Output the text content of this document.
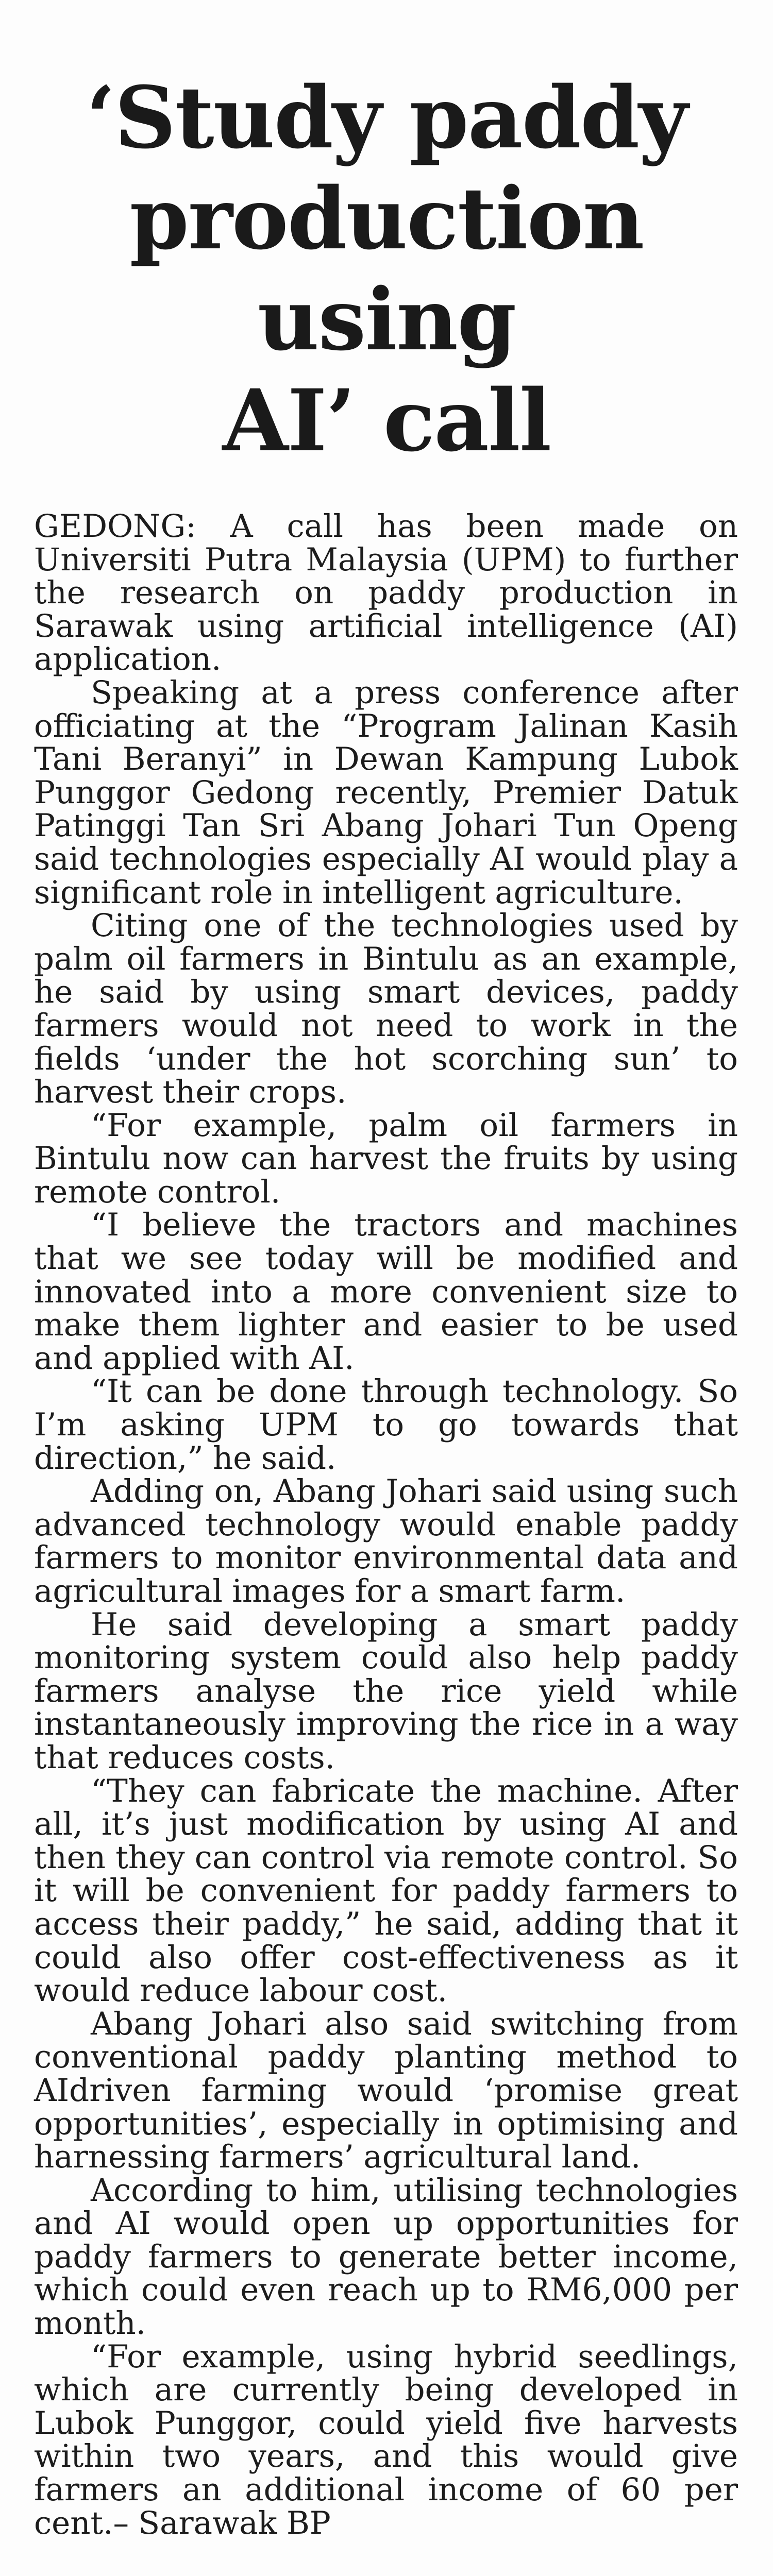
‘Study paddy
production
using
AI’ call

GEDONG: A call has been made on Universiti Putra Malaysia (UPM) to further the research on paddy production in Sarawak using artificial intelligence (AI) application.

Speaking at a press conference after officiating at the “Program Jalinan Kasih Tani Beranyi” in Dewan Kampung Lubok Punggor Gedong recently, Premier Datuk Patinggi Tan Sri Abang Johari Tun Openg said technologies especially AI would play a significant role in intelligent agriculture.

Citing one of the technologies used by palm oil farmers in Bintulu as an example, he said by using smart devices, paddy farmers would not need to work in the fields ‘under the hot scorching sun’ to harvest their crops.

“For example, palm oil farmers in Bintulu now can harvest the fruits by using remote control.

“I believe the tractors and machines that we see today will be modified and innovated into a more convenient size to make them lighter and easier to be used and applied with AI.

“It can be done through technology. So I’m asking UPM to go towards that direction,” he said.

Adding on, Abang Johari said using such advanced technology would enable paddy farmers to monitor environmental data and agricultural images for a smart farm.

He said developing a smart paddy monitoring system could also help paddy farmers analyse the rice yield while instantaneously improving the rice in a way that reduces costs.

“They can fabricate the machine. After all, it’s just modification by using AI and then they can control via remote control. So it will be convenient for paddy farmers to access their paddy,” he said, adding that it could also offer cost-effectiveness as it would reduce labour cost.

Abang Johari also said switching from conventional paddy planting method to AIdriven farming would ‘promise great opportunities’, especially in optimising and harnessing farmers’ agricultural land.

According to him, utilising technologies and AI would open up opportunities for paddy farmers to generate better income, which could even reach up to RM6,000 per month.

“For example, using hybrid seedlings, which are currently being developed in Lubok Punggor, could yield five harvests within two years, and this would give farmers an additional income of 60 per cent.– Sarawak BP
